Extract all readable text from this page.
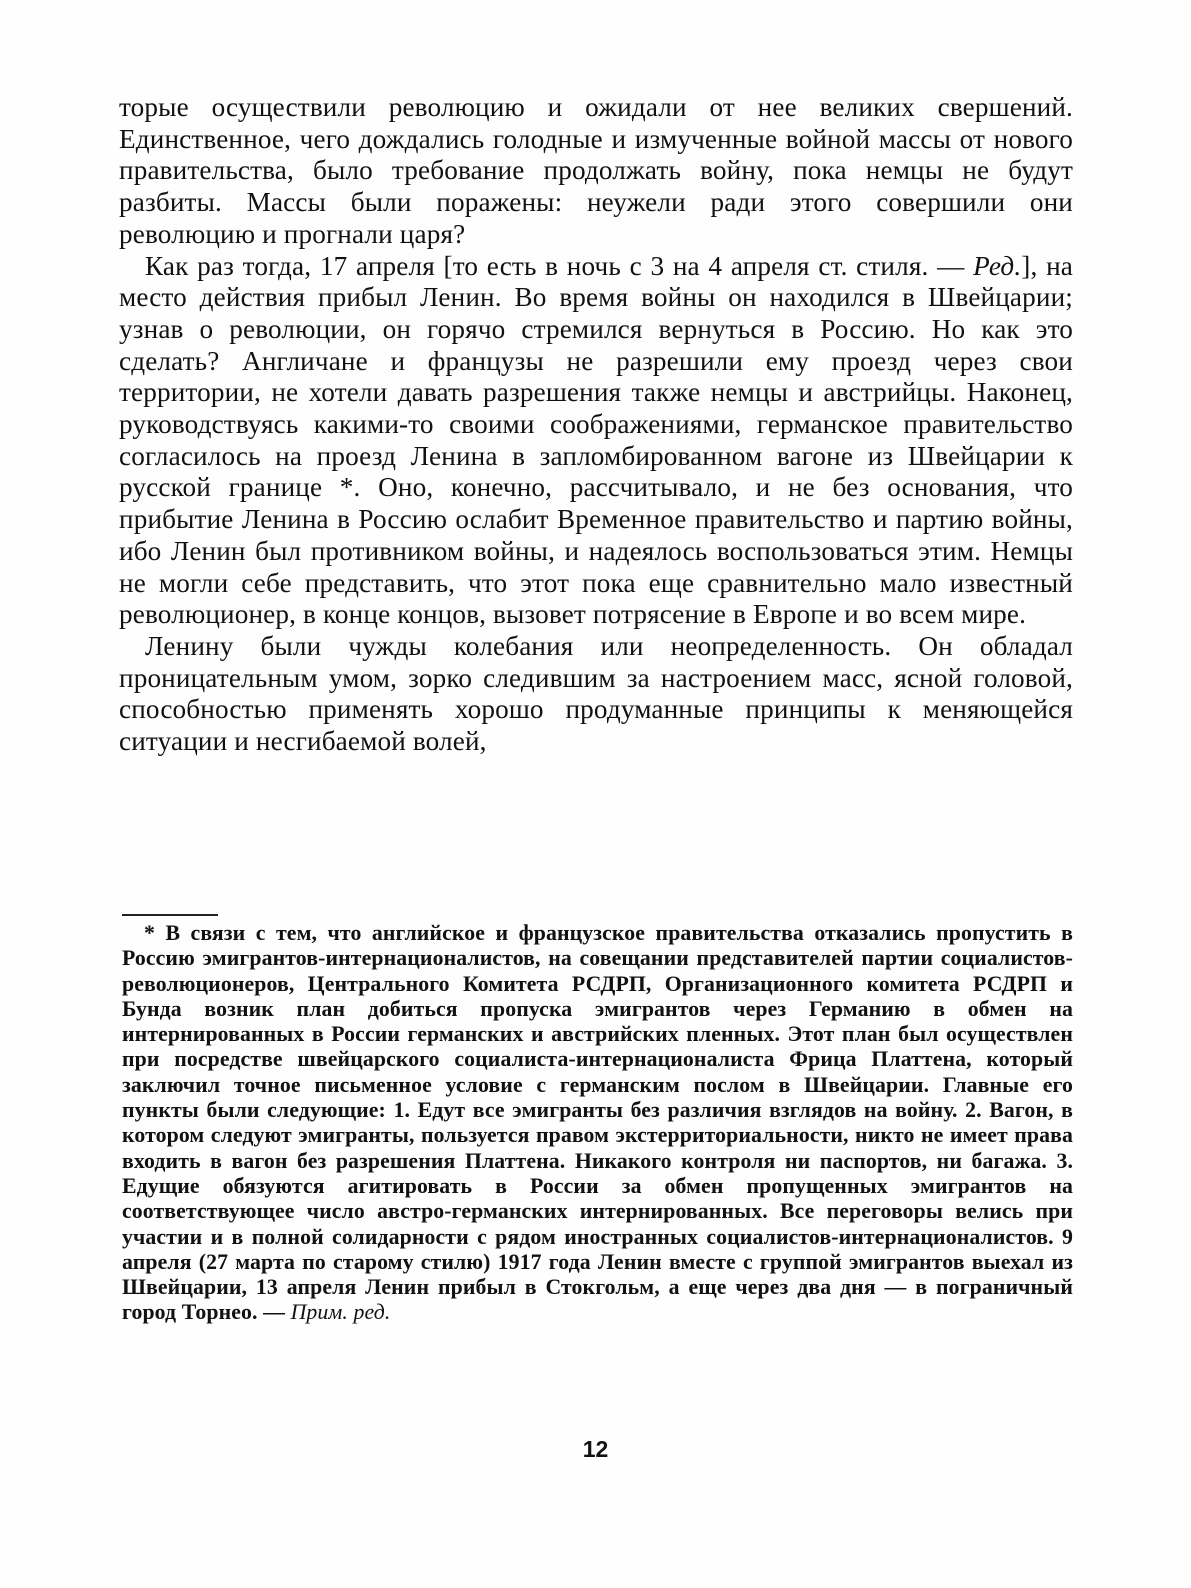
торые осуществили революцию и ожидали от нее великих свершений. Единственное, чего дождались голодные и измученные войной массы от нового правительства, было требование продолжать войну, пока немцы не будут разбиты. Массы были поражены: неужели ради этого совершили они революцию и прогнали царя?

Как раз тогда, 17 апреля [то есть в ночь с 3 на 4 апреля ст. стиля. — Ред.], на место действия прибыл Ленин. Во время войны он находился в Швейцарии; узнав о революции, он горячо стремился вернуться в Россию. Но как это сделать? Англичане и французы не разрешили ему проезд через свои территории, не хотели давать разрешения также немцы и австрийцы. Наконец, руководствуясь какими-то своими соображениями, германское правительство согласилось на проезд Ленина в запломбированном вагоне из Швейцарии к русской границе *. Оно, конечно, рассчитывало, и не без основания, что прибытие Ленина в Россию ослабит Временное правительство и партию войны, ибо Ленин был противником войны, и надеялось воспользоваться этим. Немцы не могли себе представить, что этот пока еще сравнительно мало известный революционер, в конце концов, вызовет потрясение в Европе и во всем мире.

Ленину были чужды колебания или неопределенность. Он обладал проницательным умом, зорко следившим за настроением масс, ясной головой, способностью применять хорошо продуманные принципы к меняющейся ситуации и несгибаемой волей,

* В связи с тем, что английское и французское правительства отказались пропустить в Россию эмигрантов-интернационалистов, на совещании представителей партии социалистов-революционеров, Центрального Комитета РСДРП, Организационного комитета РСДРП и Бунда возник план добиться пропуска эмигрантов через Германию в обмен на интернированных в России германских и австрийских пленных. Этот план был осуществлен при посредстве швейцарского социалиста-интернационалиста Фрица Платтена, который заключил точное письменное условие с германским послом в Швейцарии. Главные его пункты были следующие: 1. Едут все эмигранты без различия взглядов на войну. 2. Вагон, в котором следуют эмигранты, пользуется правом экстерриториальности, никто не имеет права входить в вагон без разрешения Платтена. Никакого контроля ни паспортов, ни багажа. 3. Едущие обязуются агитировать в России за обмен пропущенных эмигрантов на соответствующее число австро-германских интернированных. Все переговоры велись при участии и в полной солидарности с рядом иностранных социалистов-интернационалистов. 9 апреля (27 марта по старому стилю) 1917 года Ленин вместе с группой эмигрантов выехал из Швейцарии, 13 апреля Ленин прибыл в Стокгольм, а еще через два дня — в пограничный город Торнео. — Прим. ред.

12
